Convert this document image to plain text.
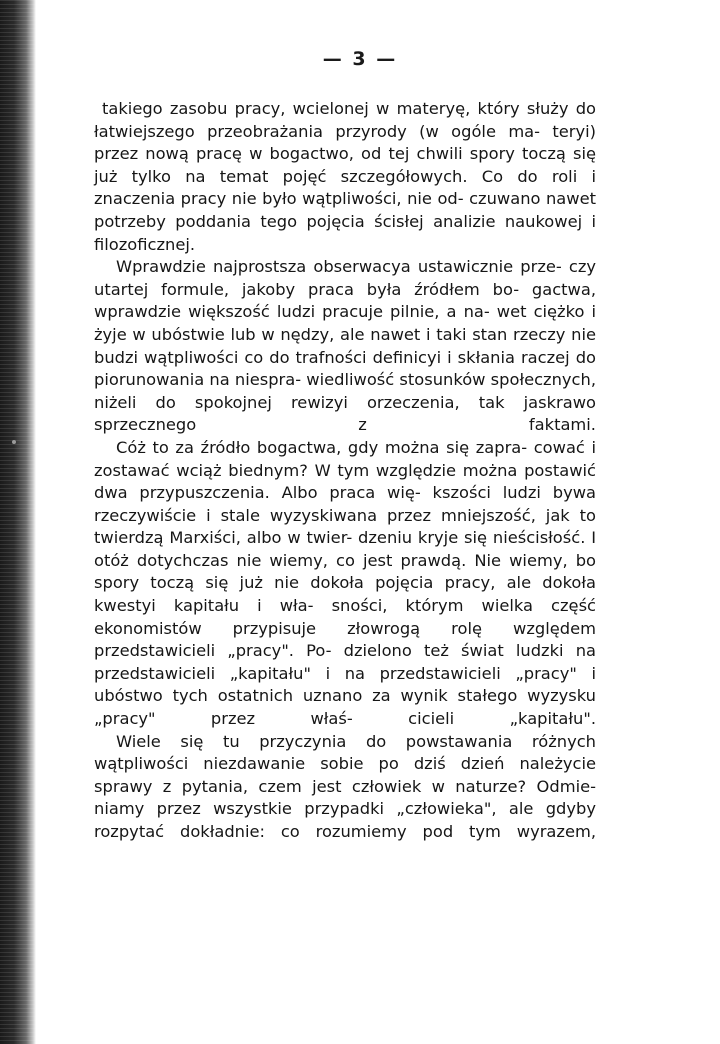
— 3 —

takiego zasobu pracy, wcielonej w materyę, który służy do łatwiejszego przeobrażania przyrody (w ogóle ma- teryi) przez nową pracę w bogactwo, od tej chwili spory toczą się już tylko na temat pojęć szczegółowych. Co do roli i znaczenia pracy nie było wątpliwości, nie od- czuwano nawet potrzeby poddania tego pojęcia ścisłej analizie naukowej i filozoficznej.

Wprawdzie najprostsza obserwacya ustawicznie prze- czy utartej formule, jakoby praca była źródłem bo- gactwa, wprawdzie większość ludzi pracuje pilnie, a na- wet ciężko i żyje w ubóstwie lub w nędzy, ale nawet i taki stan rzeczy nie budzi wątpliwości co do trafności definicyi i skłania raczej do piorunowania na niespra- wiedliwość stosunków społecznych, niżeli do spokojnej rewizyi orzeczenia, tak jaskrawo sprzecznego z faktami.

Cóż to za źródło bogactwa, gdy można się zapra- cować i zostawać wciąż biednym? W tym względzie można postawić dwa przypuszczenia. Albo praca wię- kszości ludzi bywa rzeczywiście i stale wyzyskiwana przez mniejszość, jak to twierdzą Marxiści, albo w twier- dzeniu kryje się nieścisłość. I otóż dotychczas nie wiemy, co jest prawdą. Nie wiemy, bo spory toczą się już nie dokoła pojęcia pracy, ale dokoła kwestyi kapitału i wła- sności, którym wielka część ekonomistów przypisuje złowrogą rolę względem przedstawicieli „pracy". Po- dzielono też świat ludzki na przedstawicieli „kapitału" i na przedstawicieli „pracy" i ubóstwo tych ostatnich uznano za wynik stałego wyzysku „pracy" przez właś- cicieli „kapitału".

Wiele się tu przyczynia do powstawania różnych wątpliwości niezdawanie sobie po dziś dzień należycie sprawy z pytania, czem jest człowiek w naturze? Odmie- niamy przez wszystkie przypadki „człowieka", ale gdyby rozpytać dokładnie: co rozumiemy pod tym wyrazem,
